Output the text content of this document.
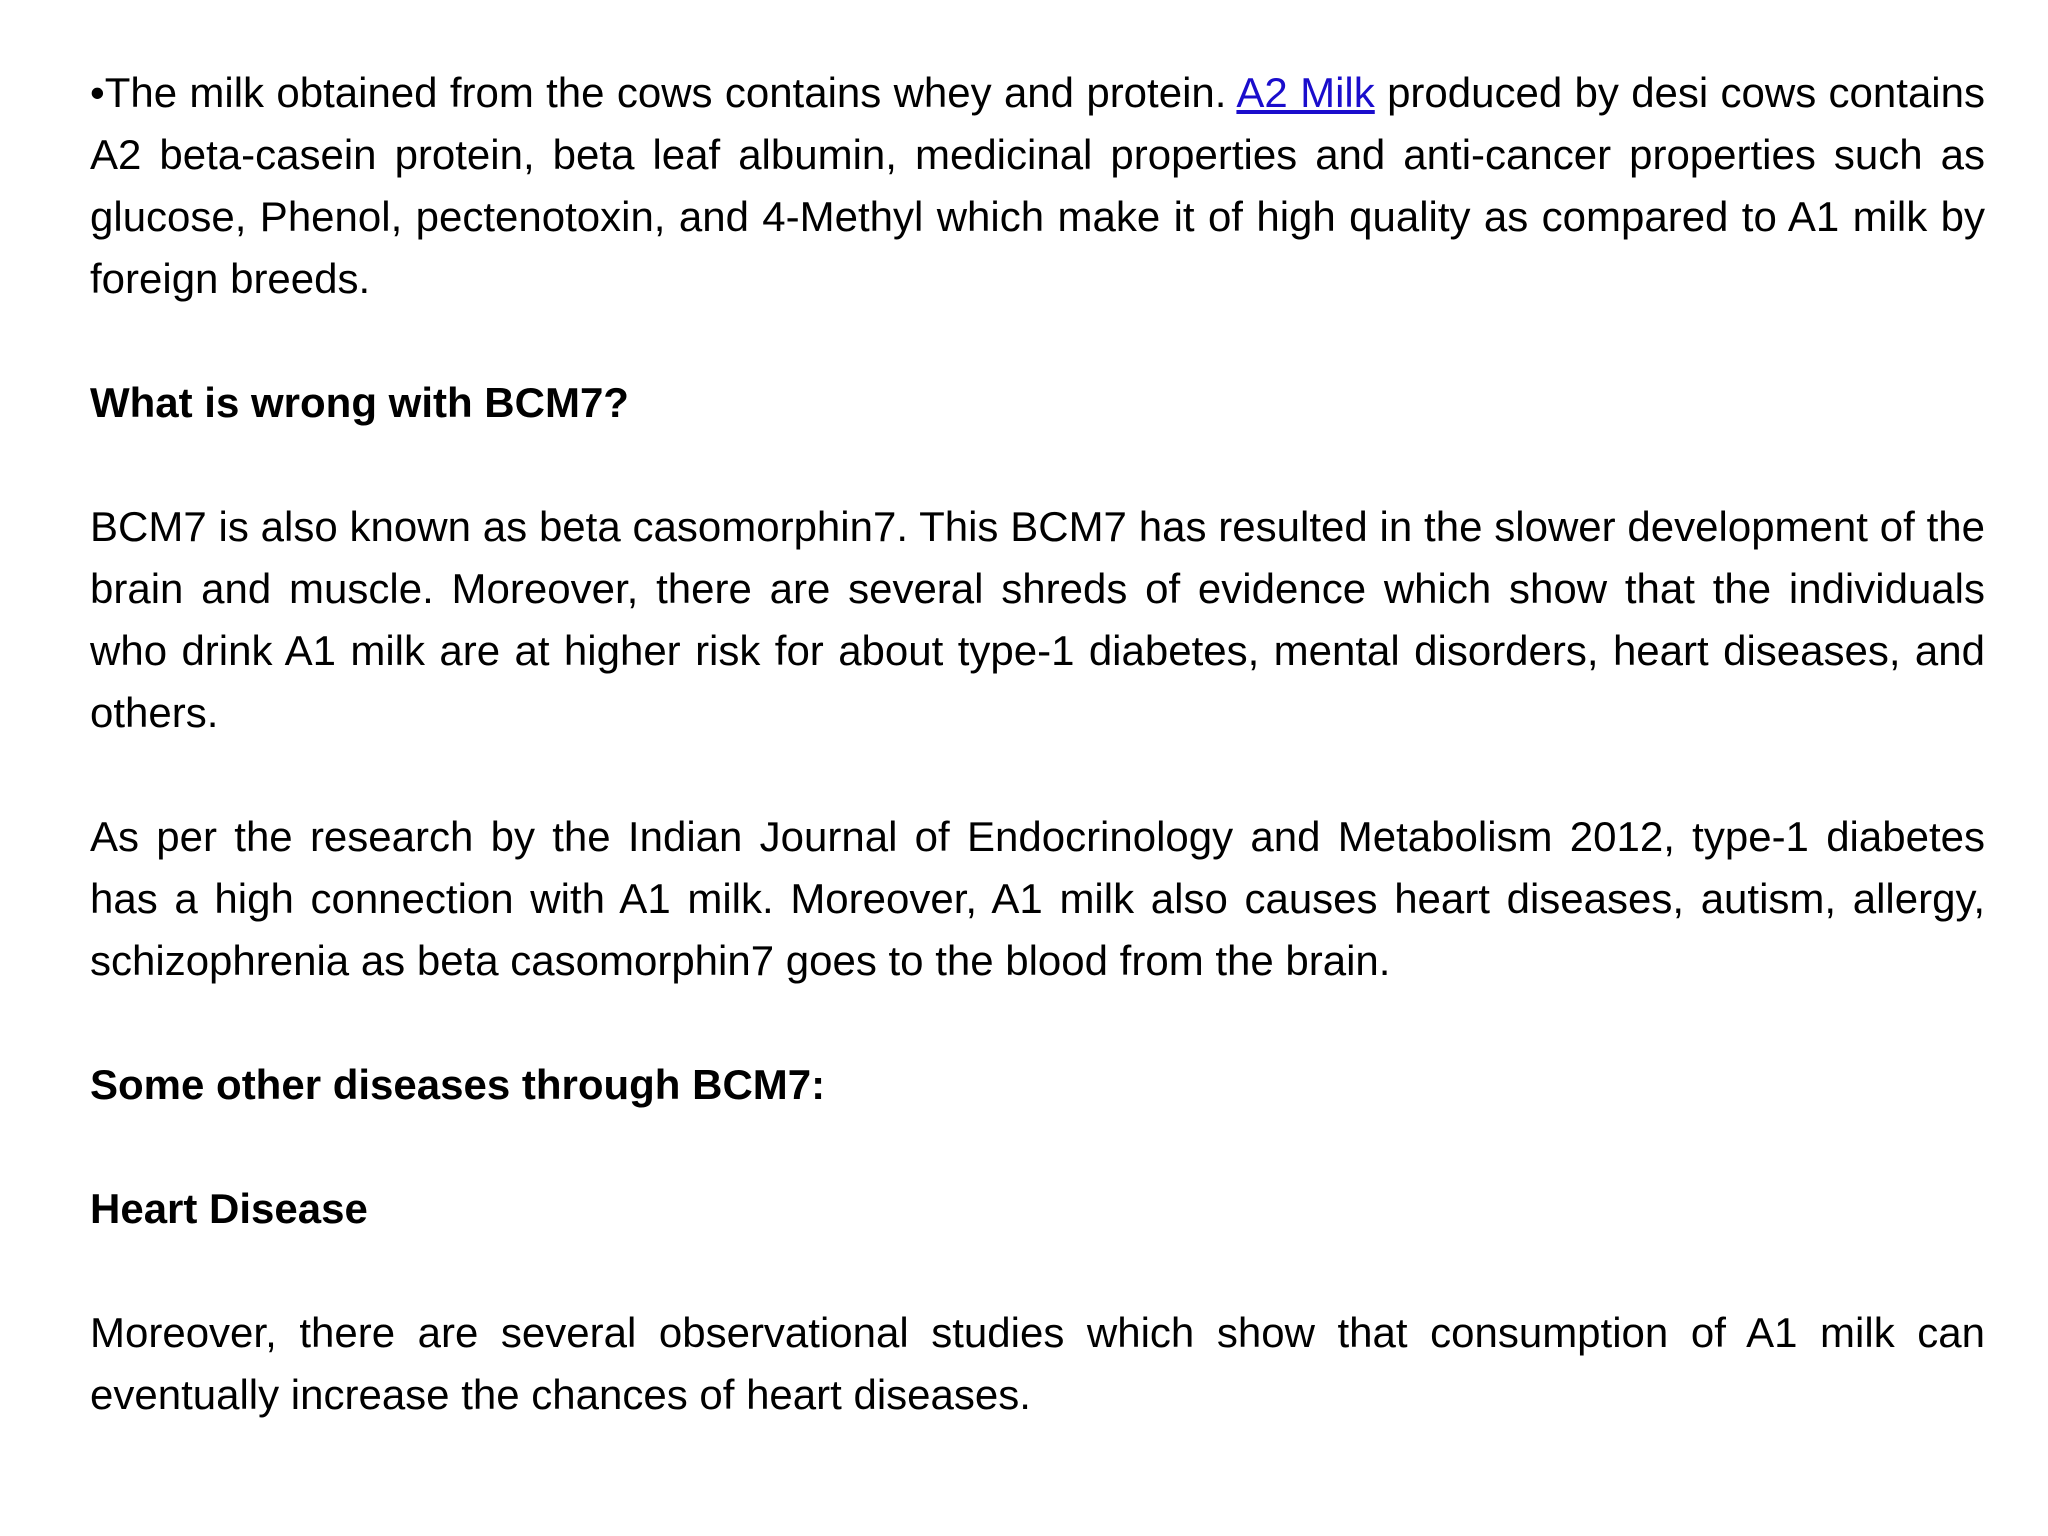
•The milk obtained from the cows contains whey and protein. A2 Milk produced by desi cows contains A2 beta-casein protein, beta leaf albumin, medicinal properties and anti-cancer properties such as glucose, Phenol, pectenotoxin, and 4-Methyl which make it of high quality as compared to A1 milk by foreign breeds.

What is wrong with BCM7?

BCM7 is also known as beta casomorphin7. This BCM7 has resulted in the slower development of the brain and muscle. Moreover, there are several shreds of evidence which show that the individuals who drink A1 milk are at higher risk for about type-1 diabetes, mental disorders, heart diseases, and others.

As per the research by the Indian Journal of Endocrinology and Metabolism 2012, type-1 diabetes has a high connection with A1 milk. Moreover, A1 milk also causes heart diseases, autism, allergy, schizophrenia as beta casomorphin7 goes to the blood from the brain.

Some other diseases through BCM7:

Heart Disease

Moreover, there are several observational studies which show that consumption of A1 milk can eventually increase the chances of heart diseases.
